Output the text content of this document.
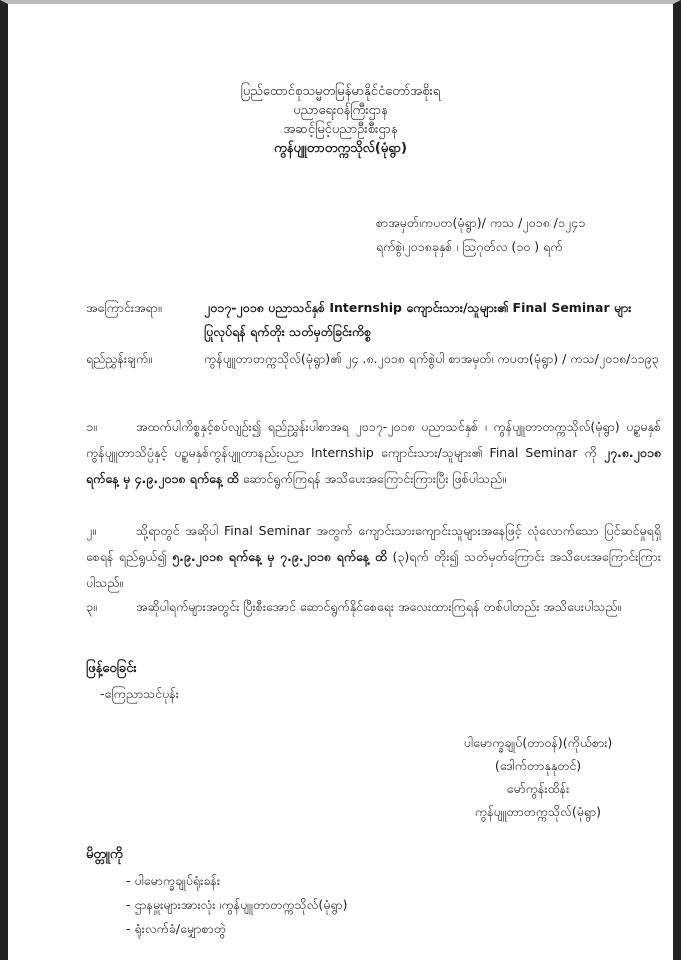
ပြည်ထောင်စုသမ္မတမြန်မာနိုင်ငံတော်အစိုးရ
ပညာရေးဝန်ကြီးဌာန
အဆင့်မြင့်ပညာဦးစီးဌာန
ကွန်ပျူတာတက္ကသိုလ်(မုံရွာ)
စာအမှတ်၊ကပတ(မုံရွာ)/ ကသ /၂၀၁၈ /၁၂၄၁
ရက်စွဲ၊၂၀၁၈ခုနှစ် ၊ ဩဂုတ်လ (၁၀ ) ရက်
အကြောင်းအရာ။	၂၀၁၇-၂၀၁၈ ပညာသင်နှစ် Internship ကျောင်းသား/သူများ၏ Final Seminar များ ပြုလုပ်ရန် ရက်တိုး သတ်မှတ်ခြင်းကိစ္စ
ရည်ညွှန်းချက်။	ကွန်ပျူတာတက္ကသိုလ်(မုံရွာ)၏ ၂၄ .၈.၂၀၁၈ ရက်စွဲပါ စာအမှတ်၊ ကပတ(မုံရွာ) / ကသ/၂၀၁၈/၁၁၉၃
၁။	အထက်ပါကိစ္စနှင့်စပ်လျဉ်း၍ ရည်ညွှန်းပါစာအရ ၂၀၁၇-၂၀၁၈ ပညာသင်နှစ် ၊ ကွန်ပျူတာတက္ကသိုလ်(မုံရွာ) ပဥ္စမနှစ်ကွန်ပျူတာသိပ္ပံနှင့် ပဥ္စမနှစ်ကွန်ပျူတာနည်းပညာ Internship ကျောင်းသား/သူများ၏ Final Seminar ကို ၂၇.၈.၂၀၁၈ ရက်နေ့ မှ ၄.၉.၂၀၁၈ ရက်နေ့ ထိ ဆောင်ရွက်ကြရန် အသိပေးအကြောင်းကြားပြီး ဖြစ်ပါသည်။
၂။	သို့ရာတွင် အဆိုပါ Final Seminar အတွက် ကျောင်းသားကျောင်းသူများအနေဖြင့် လုံလောက်သော ပြင်ဆင်မှုရရှိစေရန် ရည်ရွယ်၍ ၅.၉.၂၀၁၈ ရက်နေ့ မှ ၇.၉.၂၀၁၈ ရက်နေ့ ထိ (၃)ရက် တိုး၍ သတ်မှတ်ကြောင်း အသိပေးအကြောင်းကြားပါသည်။
၃။	အဆိုပါရက်များအတွင်း ပြီးစီးအောင် ဆောင်ရွက်နိုင်စေရေး အလေးထားကြရန် တစ်ပါတည်း အသိပေးပါသည်။
ဖြန့်ဝေခြင်း
-ကြေညာသင်ပုန်း
ပါမောက္ခချုပ်(တာဝန်)(ကိုယ်စား)
(ဒေါက်တာနုနုတင်)
မော်ကွန်းထိန်း
ကွန်ပျူတာတက္ကသိုလ်(မုံရွာ)
မိတ္တူကို
- ပါမောက္ခချုပ်ရုံးခန်း
- ဌာနမှူးများအားလုံး ၊ကွန်ပျူတာတက္ကသိုလ်(မုံရွာ)
- ရုံးလက်ခံ/မျှောစာတွဲ
